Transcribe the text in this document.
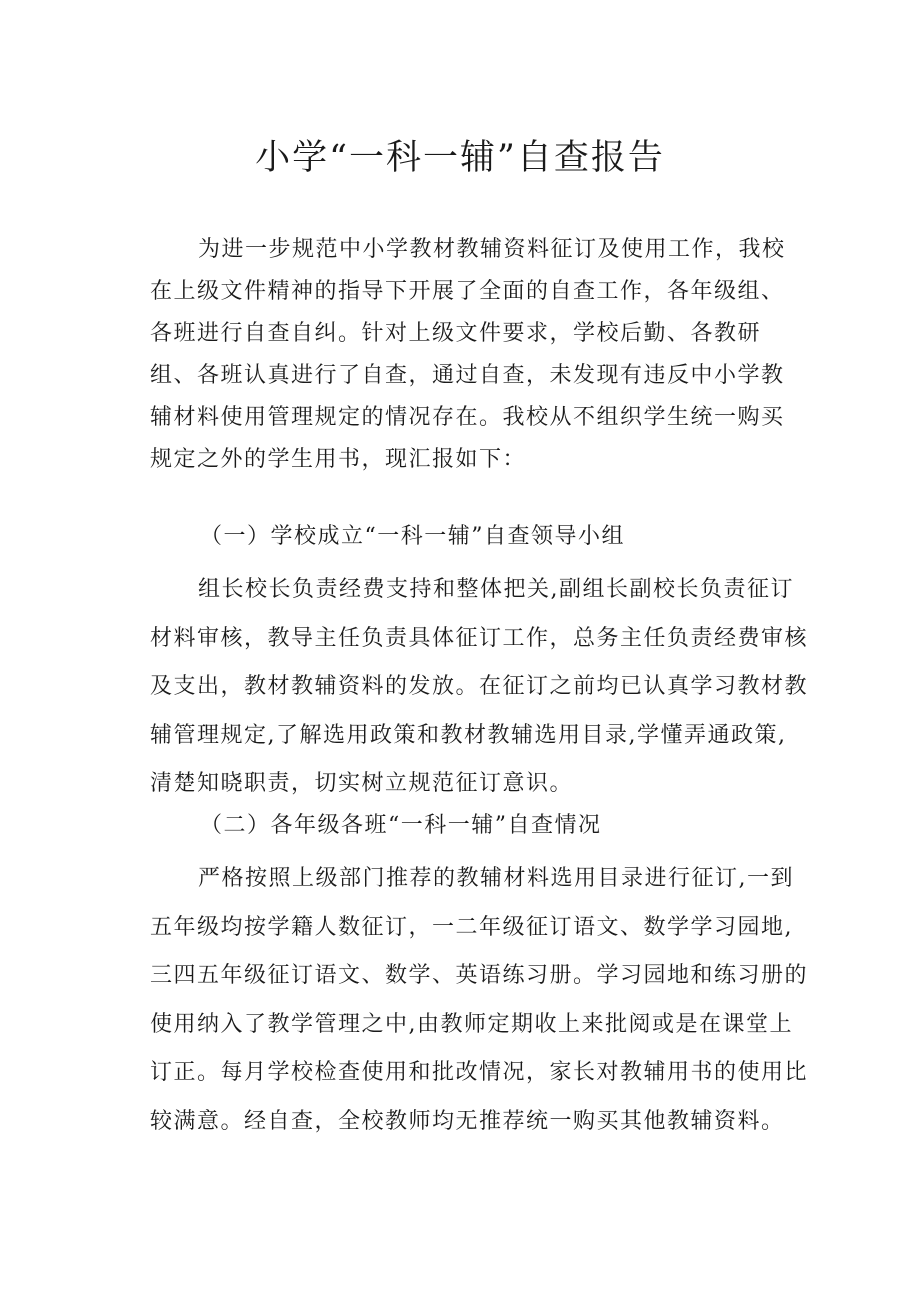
小学“一科一辅”自查报告
为进一步规范中小学教材教辅资料征订及使用工作，我校
在上级文件精神的指导下开展了全面的自查工作，各年级组、
各班进行自查自纠。针对上级文件要求，学校后勤、各教研
组、各班认真进行了自查，通过自查，未发现有违反中小学教
辅材料使用管理规定的情况存在。我校从不组织学生统一购买
规定之外的学生用书，现汇报如下：
（一）学校成立“一科一辅”自查领导小组
组长校长负责经费支持和整体把关,副组长副校长负责征订
材料审核，教导主任负责具体征订工作，总务主任负责经费审核
及支出，教材教辅资料的发放。在征订之前均已认真学习教材教
辅管理规定,了解选用政策和教材教辅选用目录,学懂弄通政策,
清楚知晓职责，切实树立规范征订意识。
（二）各年级各班“一科一辅”自查情况
严格按照上级部门推荐的教辅材料选用目录进行征订,一到
五年级均按学籍人数征订，一二年级征订语文、数学学习园地,
三四五年级征订语文、数学、英语练习册。学习园地和练习册的
使用纳入了教学管理之中,由教师定期收上来批阅或是在课堂上
订正。每月学校检查使用和批改情况，家长对教辅用书的使用比
较满意。经自查，全校教师均无推荐统一购买其他教辅资料。
